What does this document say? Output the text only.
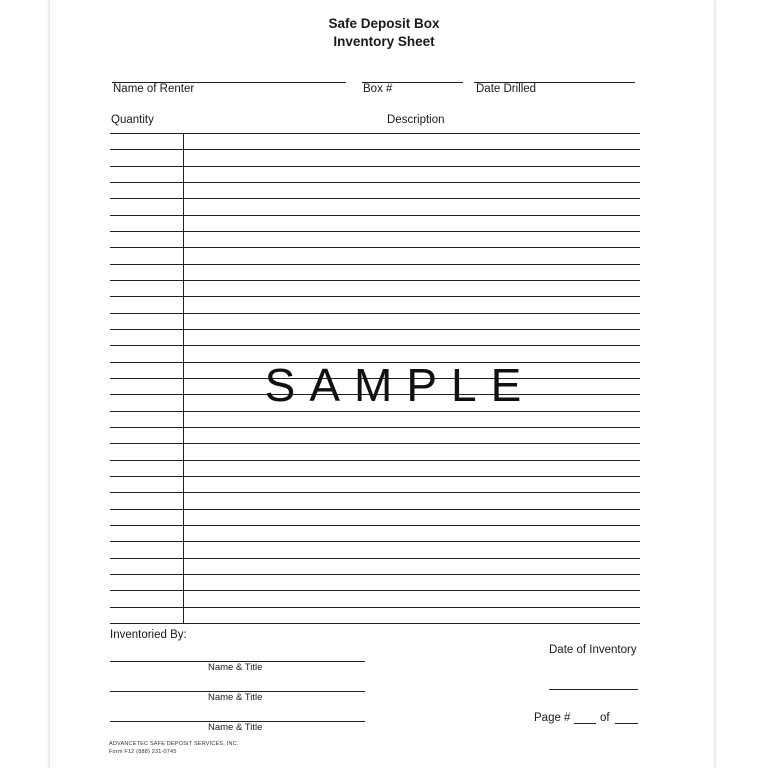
Safe Deposit Box
Inventory Sheet
Name of Renter	Box #	Date Drilled
Quantity	Description
SAMPLE
Inventoried By:
Name & Title
Name & Title
Name & Title
Date of Inventory
Page #	of
ADVANCETEC SAFE DEPOSIT SERVICES, INC.
Form F12 (888) 231-0745
